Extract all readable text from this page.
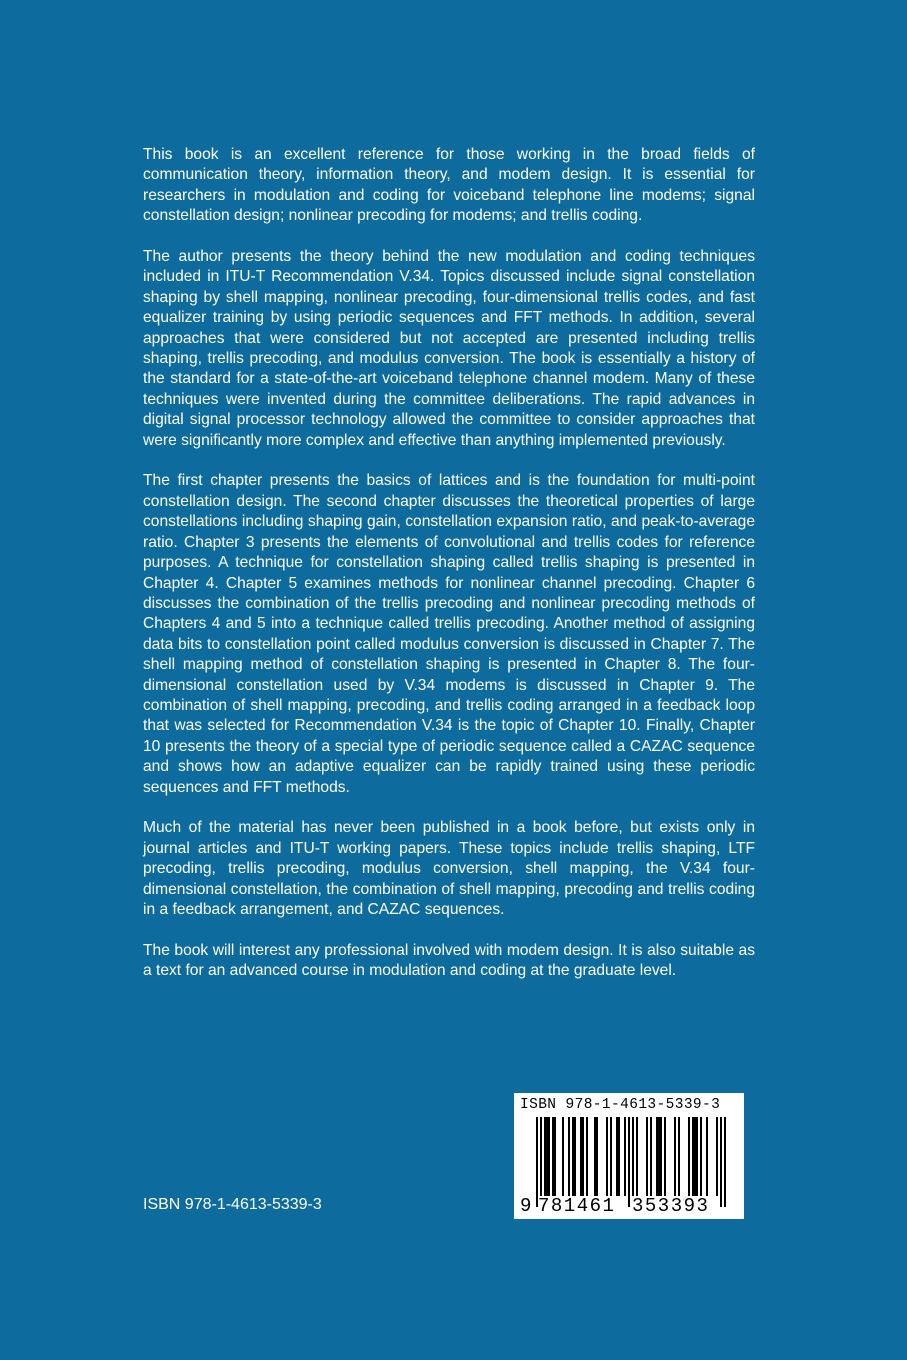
This book is an excellent reference for those working in the broad fields of communication theory, information theory, and modem design. It is essential for researchers in modulation and coding for voiceband telephone line modems; signal constellation design; nonlinear precoding for modems; and trellis coding.

The author presents the theory behind the new modulation and coding techniques included in ITU-T Recommendation V.34. Topics discussed include signal constellation shaping by shell mapping, nonlinear precoding, four-dimensional trellis codes, and fast equalizer training by using periodic sequences and FFT methods. In addition, several approaches that were considered but not accepted are presented including trellis shaping, trellis precoding, and modulus conversion. The book is essentially a history of the standard for a state-of-the-art voiceband telephone channel modem. Many of these techniques were invented during the committee deliberations. The rapid advances in digital signal processor technology allowed the committee to consider approaches that were significantly more complex and effective than anything implemented previously.

The first chapter presents the basics of lattices and is the foundation for multi-point constellation design. The second chapter discusses the theoretical properties of large constellations including shaping gain, constellation expansion ratio, and peak-to-average ratio. Chapter 3 presents the elements of convolutional and trellis codes for reference purposes. A technique for constellation shaping called trellis shaping is presented in Chapter 4. Chapter 5 examines methods for nonlinear channel precoding. Chapter 6 discusses the combination of the trellis precoding and nonlinear precoding methods of Chapters 4 and 5 into a technique called trellis precoding. Another method of assigning data bits to constellation point called modulus conversion is discussed in Chapter 7. The shell mapping method of constellation shaping is presented in Chapter 8. The four-dimensional constellation used by V.34 modems is discussed in Chapter 9. The combination of shell mapping, precoding, and trellis coding arranged in a feedback loop that was selected for Recommendation V.34 is the topic of Chapter 10. Finally, Chapter 10 presents the theory of a special type of periodic sequence called a CAZAC sequence and shows how an adaptive equalizer can be rapidly trained using these periodic sequences and FFT methods.

Much of the material has never been published in a book before, but exists only in journal articles and ITU-T working papers. These topics include trellis shaping, LTF precoding, trellis precoding, modulus conversion, shell mapping, the V.34 four-dimensional constellation, the combination of shell mapping, precoding and trellis coding in a feedback arrangement, and CAZAC sequences.

The book will interest any professional involved with modem design. It is also suitable as a text for an advanced course in modulation and coding at the graduate level.

ISBN 978-1-4613-5339-3
ISBN 978-1-4613-5339-3
9 781461 353393
